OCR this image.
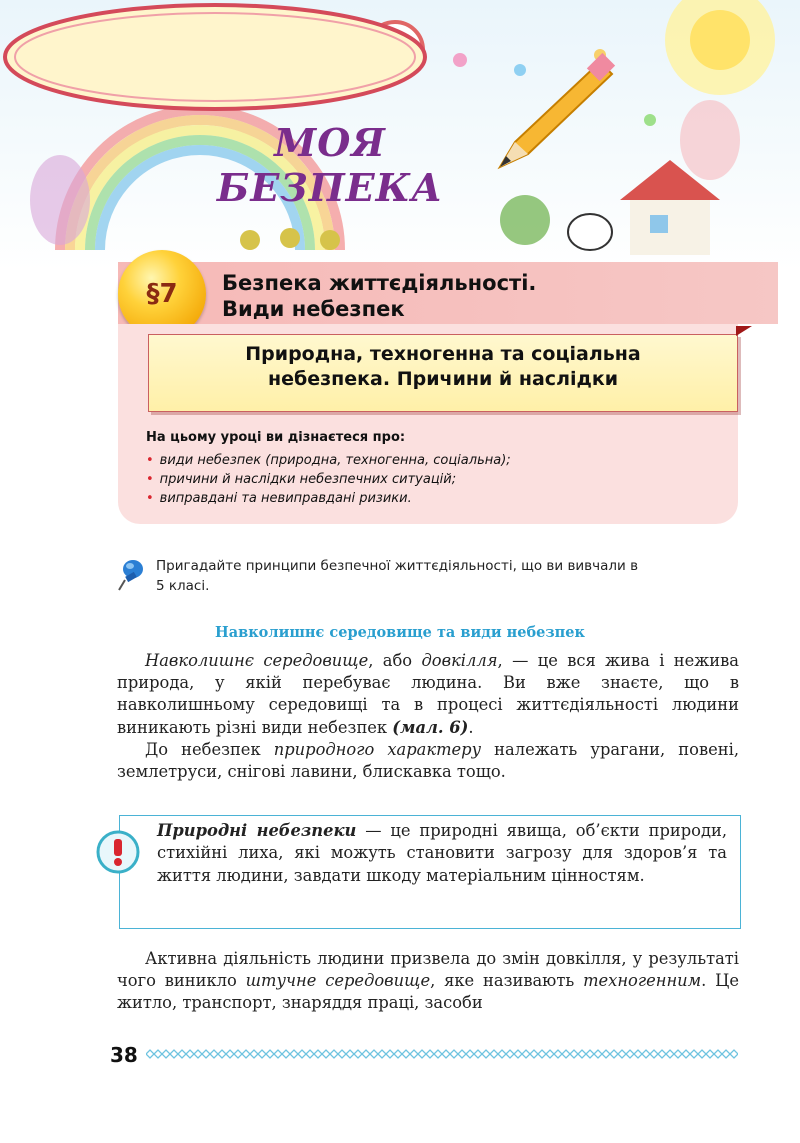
МОЯ БЕЗПЕКА
§7	Безпека життєдіяльності.
Види небезпек
Природна, техногенна та соціальна
небезпека. Причини й наслідки
На цьому уроці ви дізнаєтеся про:
• види небезпек (природна, техногенна, соціальна);
• причини й наслідки небезпечних ситуацій;
• виправдані та невиправдані ризики.
Пригадайте принципи безпечної життєдіяльності, що ви вивчали в
5 класі.
Навколишнє середовище та види небезпек

Навколишнє середовище, або довкілля, — це вся жива і неживa природа, у якій перебуває людина. Ви вже знаєте, що в навколишньому середовищі та в процесі життєдіяльності людини виникають різні види небезпек (мал. 6).

До небезпек природного характеру належать урагани, повені, землетруси, снігові лавини, блискавка тощо.

Природні небезпеки — це природні явища, об’єкти природи, стихійні лиха, які можуть становити загрозу для здоров’я та життя людини, завдати шкоду матеріальним цінностям.

Активна діяльність людини призвела до змін довкілля, у результаті чого виникло штучне середовище, яке називають техногенним. Це житло, транспорт, знаряддя праці, засоби

38
